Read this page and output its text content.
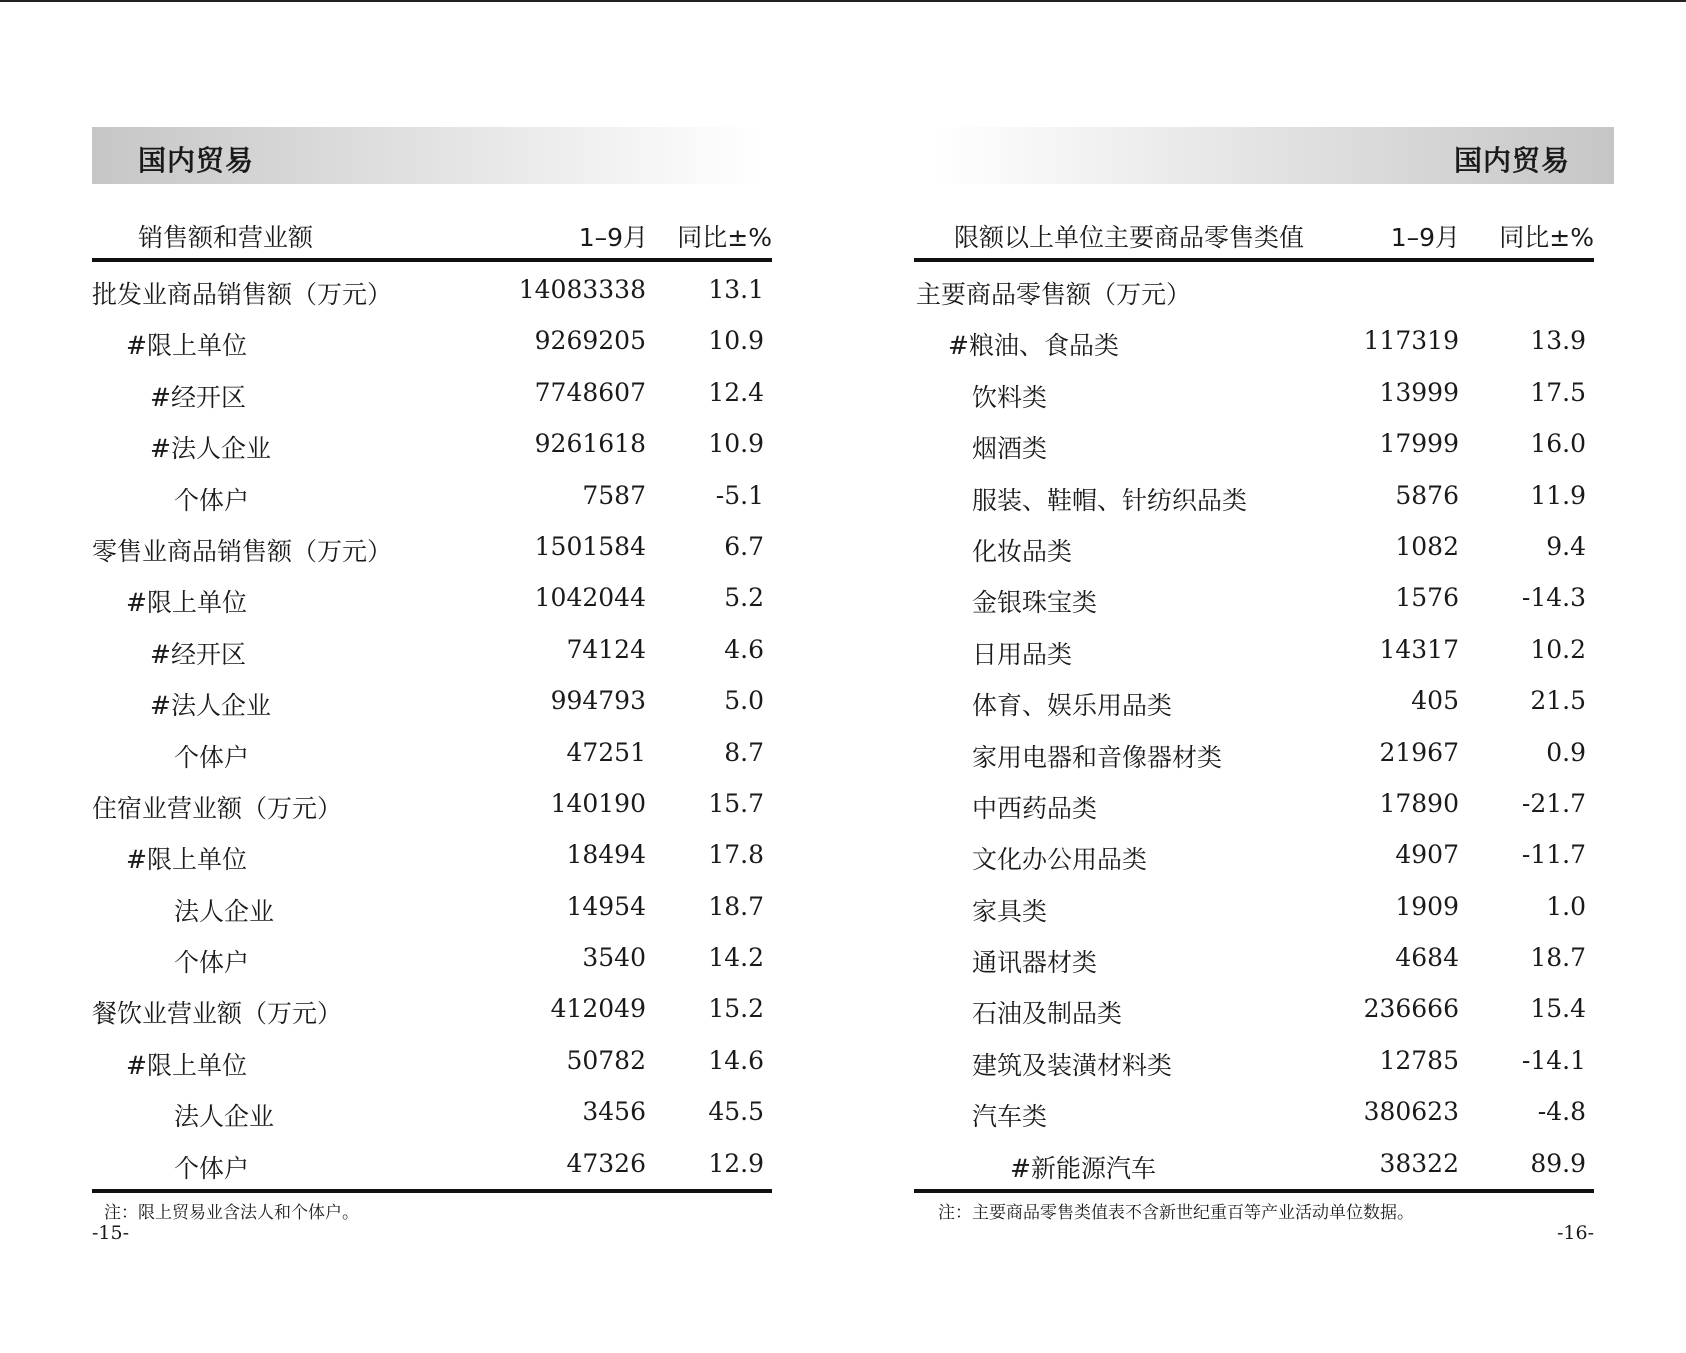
国内贸易
销售额和营业额	1–9月 同比±%
批发业商品销售额（万元）	14083338 13.1
#限上单位	9269205 10.9
#经开区	7748607 12.4
#法人企业	9261618 10.9
个体户	7587	-5.1
零售业商品销售额（万元）	1501584	6.7
#限上单位	1042044	5.2
#经开区	74124	4.6
#法人企业	994793	5.0
个体户	47251	8.7
住宿业营业额（万元）	140190 15.7
#限上单位	18494 17.8
法人企业	14954 18.7
个体户	3540 14.2
餐饮业营业额（万元）	412049 15.2
#限上单位	50782 14.6
法人企业	3456 45.5
个体户	47326 12.9
注：限上贸易业含法人和个体户。
-15-
国内贸易
限额以上单位主要商品零售类值	1–9月 同比±%
主要商品零售额（万元）
#粮油、食品类	117319	13.9
饮料类	13999	17.5
烟酒类	17999	16.0
服装、鞋帽、针纺织品类	5876	11.9
化妆品类	1082	9.4
金银珠宝类	1576	-14.3
日用品类	14317	10.2
体育、娱乐用品类	405	21.5
家用电器和音像器材类	21967	0.9
中西药品类	17890	-21.7
文化办公用品类	4907	-11.7
家具类	1909	1.0
通讯器材类	4684	18.7
石油及制品类	236666	15.4
建筑及装潢材料类	12785	-14.1
汽车类	380623	-4.8
#新能源汽车	38322	89.9
注：主要商品零售类值表不含新世纪重百等产业活动单位数据。
-16-
